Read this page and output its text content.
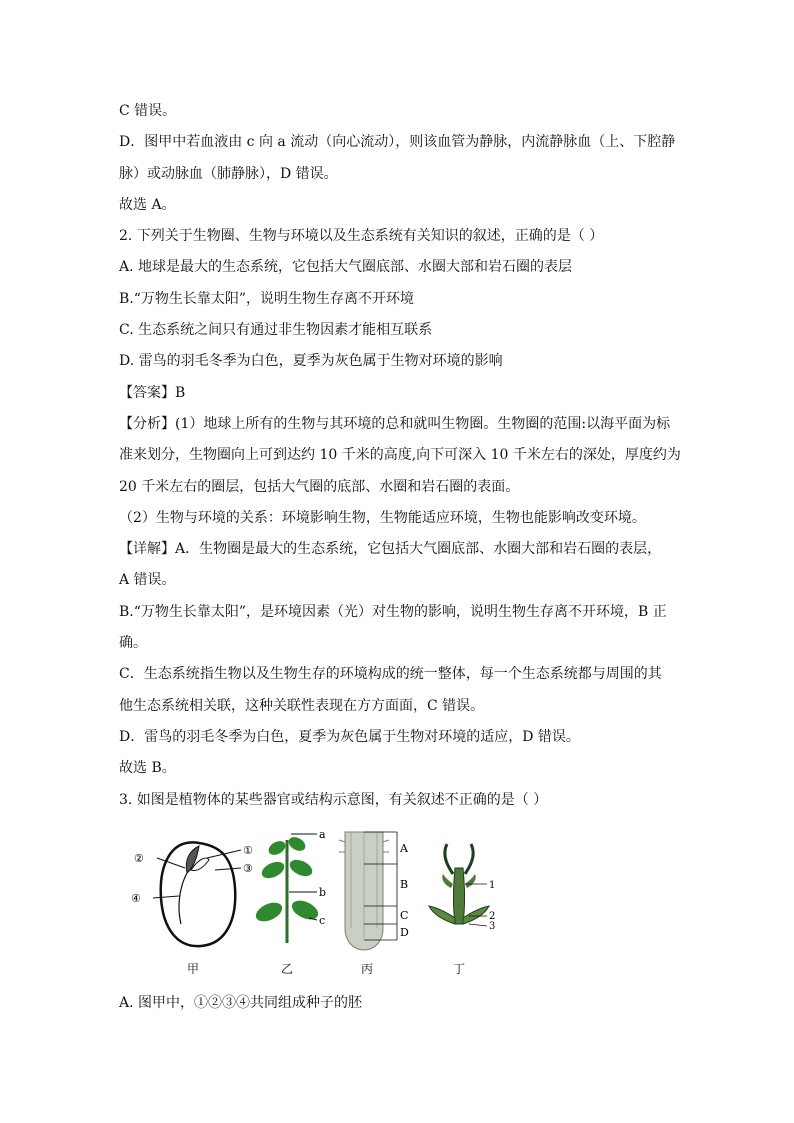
C 错误。
D．图甲中若血液由 c 向 a 流动（向心流动），则该血管为静脉，内流静脉血（上、下腔静
脉）或动脉血（肺静脉），D 错误。
故选 A。
2. 下列关于生物圈、生物与环境以及生态系统有关知识的叙述，正确的是（ ）
A. 地球是最大的生态系统，它包括大气圈底部、水圈大部和岩石圈的表层
B.“万物生长靠太阳”，说明生物生存离不开环境
C. 生态系统之间只有通过非生物因素才能相互联系
D. 雷鸟的羽毛冬季为白色，夏季为灰色属于生物对环境的影响
【答案】B
【分析】(1）地球上所有的生物与其环境的总和就叫生物圈。生物圈的范围:以海平面为标
准来划分，生物圈向上可到达约 10 千米的高度,向下可深入 10 千米左右的深处，厚度约为
20 千米左右的圈层，包括大气圈的底部、水圈和岩石圈的表面。
（2）生物与环境的关系：环境影响生物，生物能适应环境，生物也能影响改变环境。
【详解】A．生物圈是最大的生态系统，它包括大气圈底部、水圈大部和岩石圈的表层，
A 错误。
B.“万物生长靠太阳”，是环境因素（光）对生物的影响，说明生物生存离不开环境，B 正
确。
C．生态系统指生物以及生物生存的环境构成的统一整体，每一个生态系统都与周围的其
他生态系统相关联，这种关联性表现在方方面面，C 错误。
D．雷鸟的羽毛冬季为白色，夏季为灰色属于生物对环境的适应，D 错误。
故选 B。
3. 如图是植物体的某些器官或结构示意图，有关叙述不正确的是（ ）
②
①
③
④
甲
a
b
c
乙
A
B
C
D
丙
1
2
3
丁
A. 图甲中，①②③④共同组成种子的胚
